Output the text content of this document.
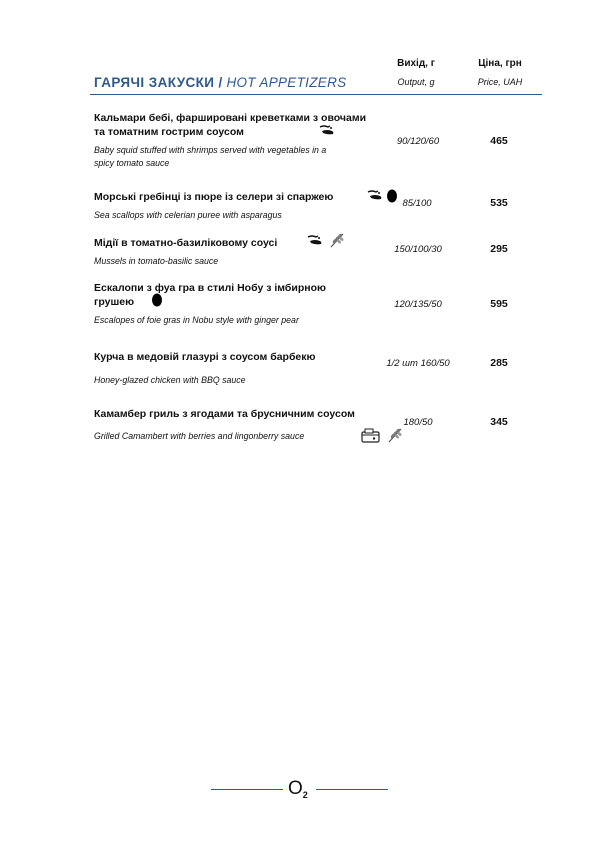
Вихід, г	Ціна, грн
Output, g	Price, UAH
ГАРЯЧІ ЗАКУСКИ / HOT APPETIZERS
Кальмари бебі, фаршировані креветками з овочами
та томатним гострим соусом
Baby squid stuffed with shrimps served with vegetables in a
spicy tomato sauce
90/120/60	465
Морські гребінці із пюре із селери зі спаржею
Sea scallops with celerian puree with asparagus
85/100	535
Мідії в томатно-базиліковому соусі
Mussels in tomato-basilic sauce
150/100/30	295
Ескалопи з фуа гра в стилі Нобу з імбирною
грушею
Escalopes of foie gras in Nobu style with ginger pear
120/135/50	595
Курча в медовій глазурі з соусом барбекю
Honey-glazed chicken with BBQ sauce
1/2 шт 160/50	285
Камамбер гриль з ягодами та брусничним соусом
Grilled Camambert with berries and lingonberry sauce
180/50	345
$O_2$
